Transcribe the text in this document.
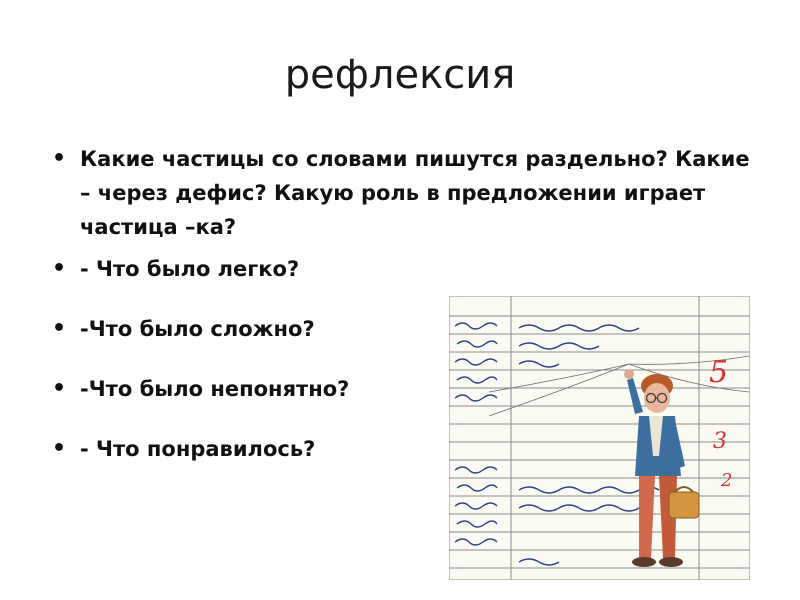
рефлексия
• Какие частицы со словами пишутся раздельно? Какие – через дефис? Какую роль в предложении играет частица –ка?
• - Что было легко?
• -Что было сложно?
• -Что было непонятно?
• - Что понравилось?
5
3
2
